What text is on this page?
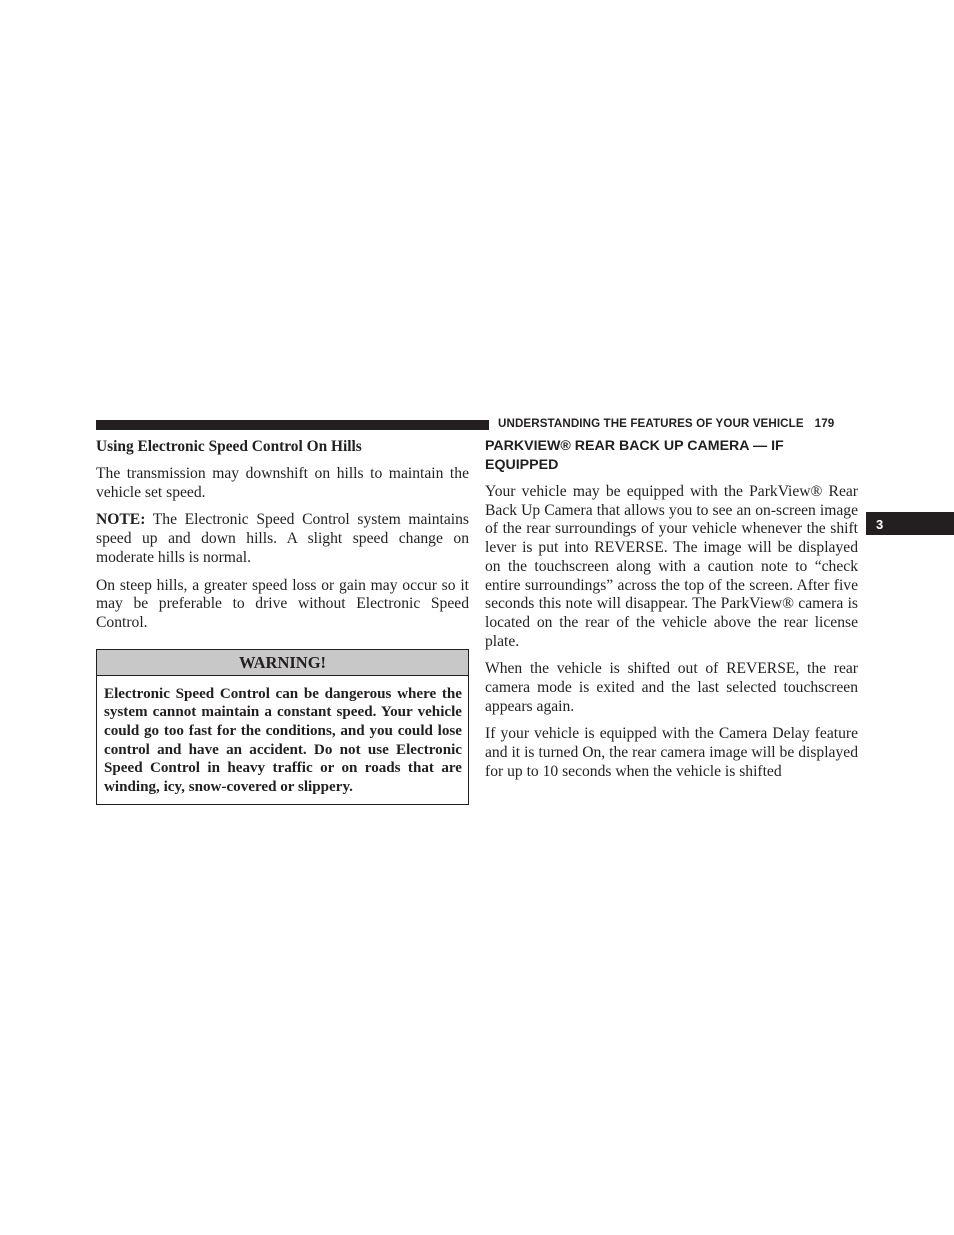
UNDERSTANDING THE FEATURES OF YOUR VEHICLE 179
3
Using Electronic Speed Control On Hills

The transmission may downshift on hills to maintain the vehicle set speed.

NOTE: The Electronic Speed Control system maintains speed up and down hills. A slight speed change on moderate hills is normal.

On steep hills, a greater speed loss or gain may occur so it may be preferable to drive without Electronic Speed Control.

WARNING!
Electronic Speed Control can be dangerous where the system cannot maintain a constant speed. Your vehicle could go too fast for the conditions, and you could lose control and have an accident. Do not use Electronic Speed Control in heavy traffic or on roads that are winding, icy, snow-covered or slippery.
PARKVIEW® REAR BACK UP CAMERA — IF EQUIPPED

Your vehicle may be equipped with the ParkView® Rear Back Up Camera that allows you to see an on-screen image of the rear surroundings of your vehicle whenever the shift lever is put into REVERSE. The image will be displayed on the touchscreen along with a caution note to “check entire surroundings” across the top of the screen. After five seconds this note will disappear. The ParkView® camera is located on the rear of the vehicle above the rear license plate.

When the vehicle is shifted out of REVERSE, the rear camera mode is exited and the last selected touchscreen appears again.

If your vehicle is equipped with the Camera Delay feature and it is turned On, the rear camera image will be displayed for up to 10 seconds when the vehicle is shifted
